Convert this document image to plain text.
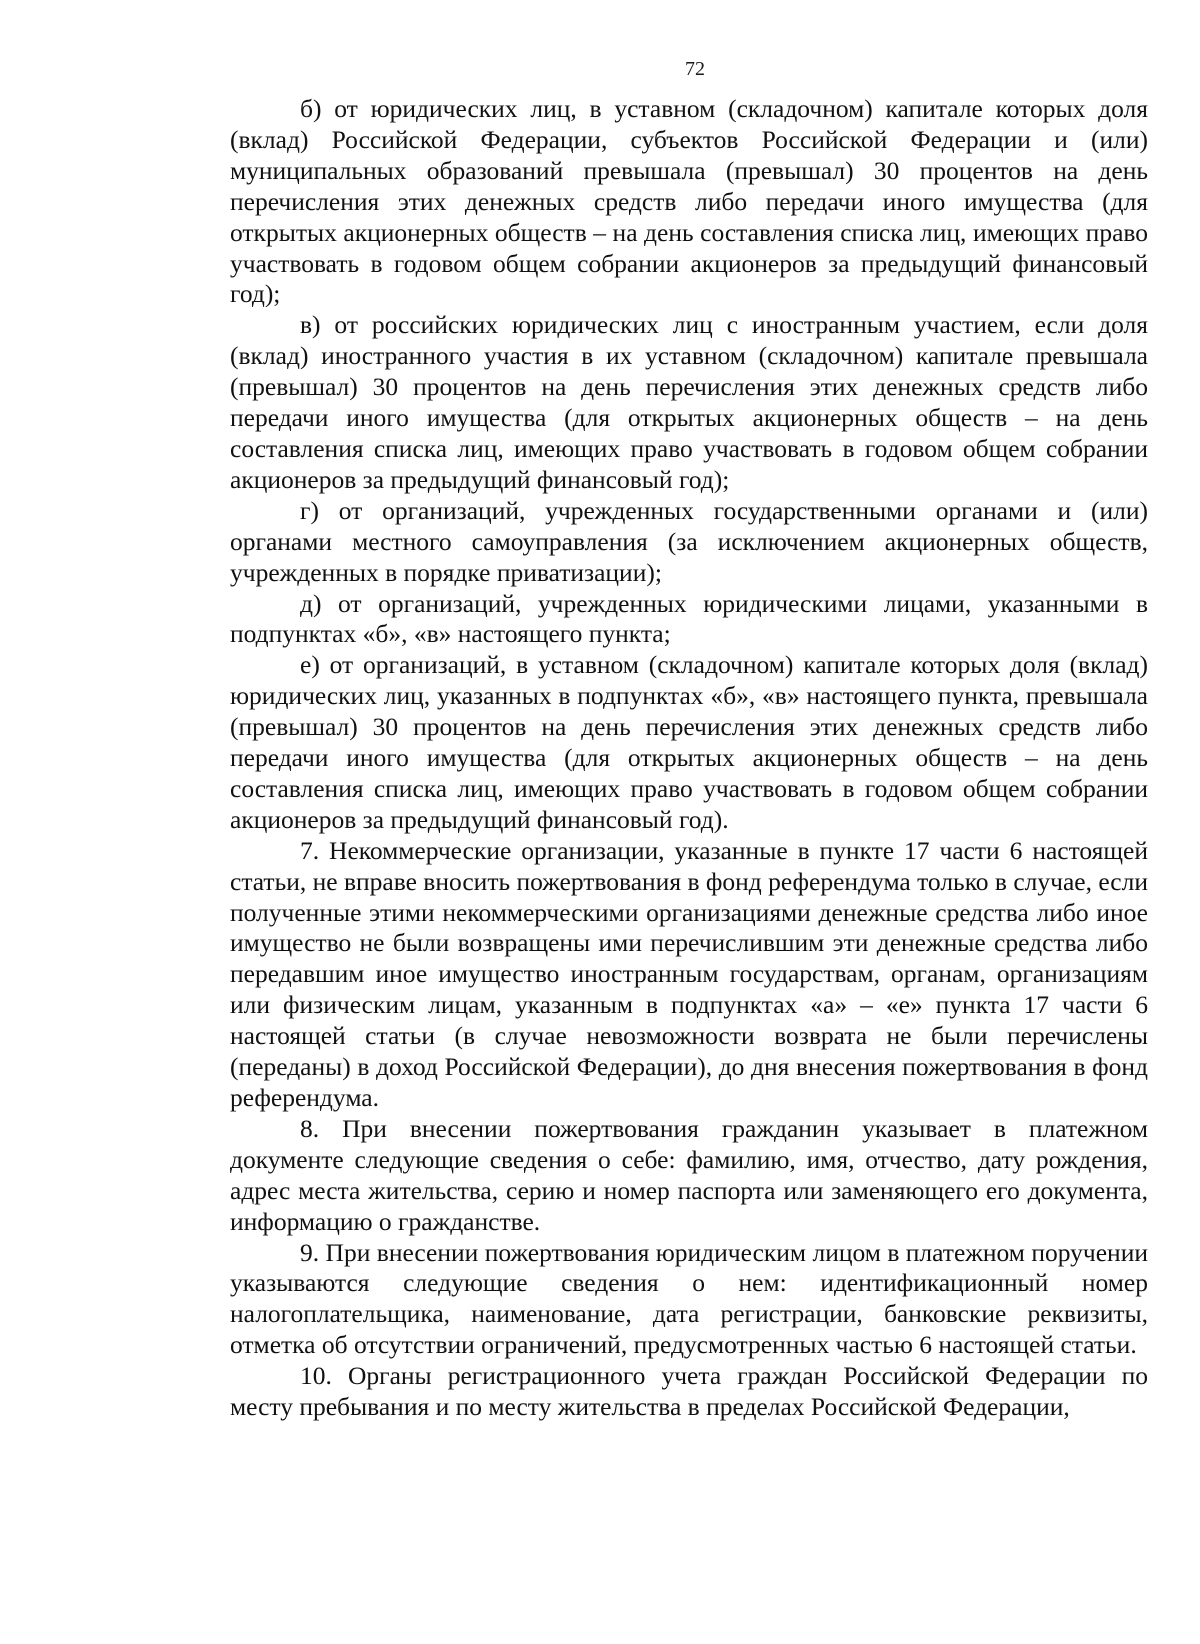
72

б) от юридических лиц, в уставном (складочном) капитале которых доля (вклад) Российской Федерации, субъектов Российской Федерации и (или) муниципальных образований превышала (превышал) 30 процентов на день перечисления этих денежных средств либо передачи иного имущества (для открытых акционерных обществ – на день составления списка лиц, имеющих право участвовать в годовом общем собрании акционеров за предыдущий финансовый год);

в) от российских юридических лиц с иностранным участием, если доля (вклад) иностранного участия в их уставном (складочном) капитале превышала (превышал) 30 процентов на день перечисления этих денежных средств либо передачи иного имущества (для открытых акционерных обществ – на день составления списка лиц, имеющих право участвовать в годовом общем собрании акционеров за предыдущий финансовый год);

г) от организаций, учрежденных государственными органами и (или) органами местного самоуправления (за исключением акционерных обществ, учрежденных в порядке приватизации);

д) от организаций, учрежденных юридическими лицами, указанными в подпунктах «б», «в» настоящего пункта;

е) от организаций, в уставном (складочном) капитале которых доля (вклад) юридических лиц, указанных в подпунктах «б», «в» настоящего пункта, превышала (превышал) 30 процентов на день перечисления этих денежных средств либо передачи иного имущества (для открытых акционерных обществ – на день составления списка лиц, имеющих право участвовать в годовом общем собрании акционеров за предыдущий финансовый год).

7. Некоммерческие организации, указанные в пункте 17 части 6 настоящей статьи, не вправе вносить пожертвования в фонд референдума только в случае, если полученные этими некоммерческими организациями денежные средства либо иное имущество не были возвращены ими перечислившим эти денежные средства либо передавшим иное имущество иностранным государствам, органам, организациям или физическим лицам, указанным в подпунктах «а» – «е» пункта 17 части 6 настоящей статьи (в случае невозможности возврата не были перечислены (переданы) в доход Российской Федерации), до дня внесения пожертвования в фонд референдума.

8. При внесении пожертвования гражданин указывает в платежном документе следующие сведения о себе: фамилию, имя, отчество, дату рождения, адрес места жительства, серию и номер паспорта или заменяющего его документа, информацию о гражданстве.

9. При внесении пожертвования юридическим лицом в платежном поручении указываются следующие сведения о нем: идентификационный номер налогоплательщика, наименование, дата регистрации, банковские реквизиты, отметка об отсутствии ограничений, предусмотренных частью 6 настоящей статьи.

10. Органы регистрационного учета граждан Российской Федерации по месту пребывания и по месту жительства в пределах Российской Федерации,
